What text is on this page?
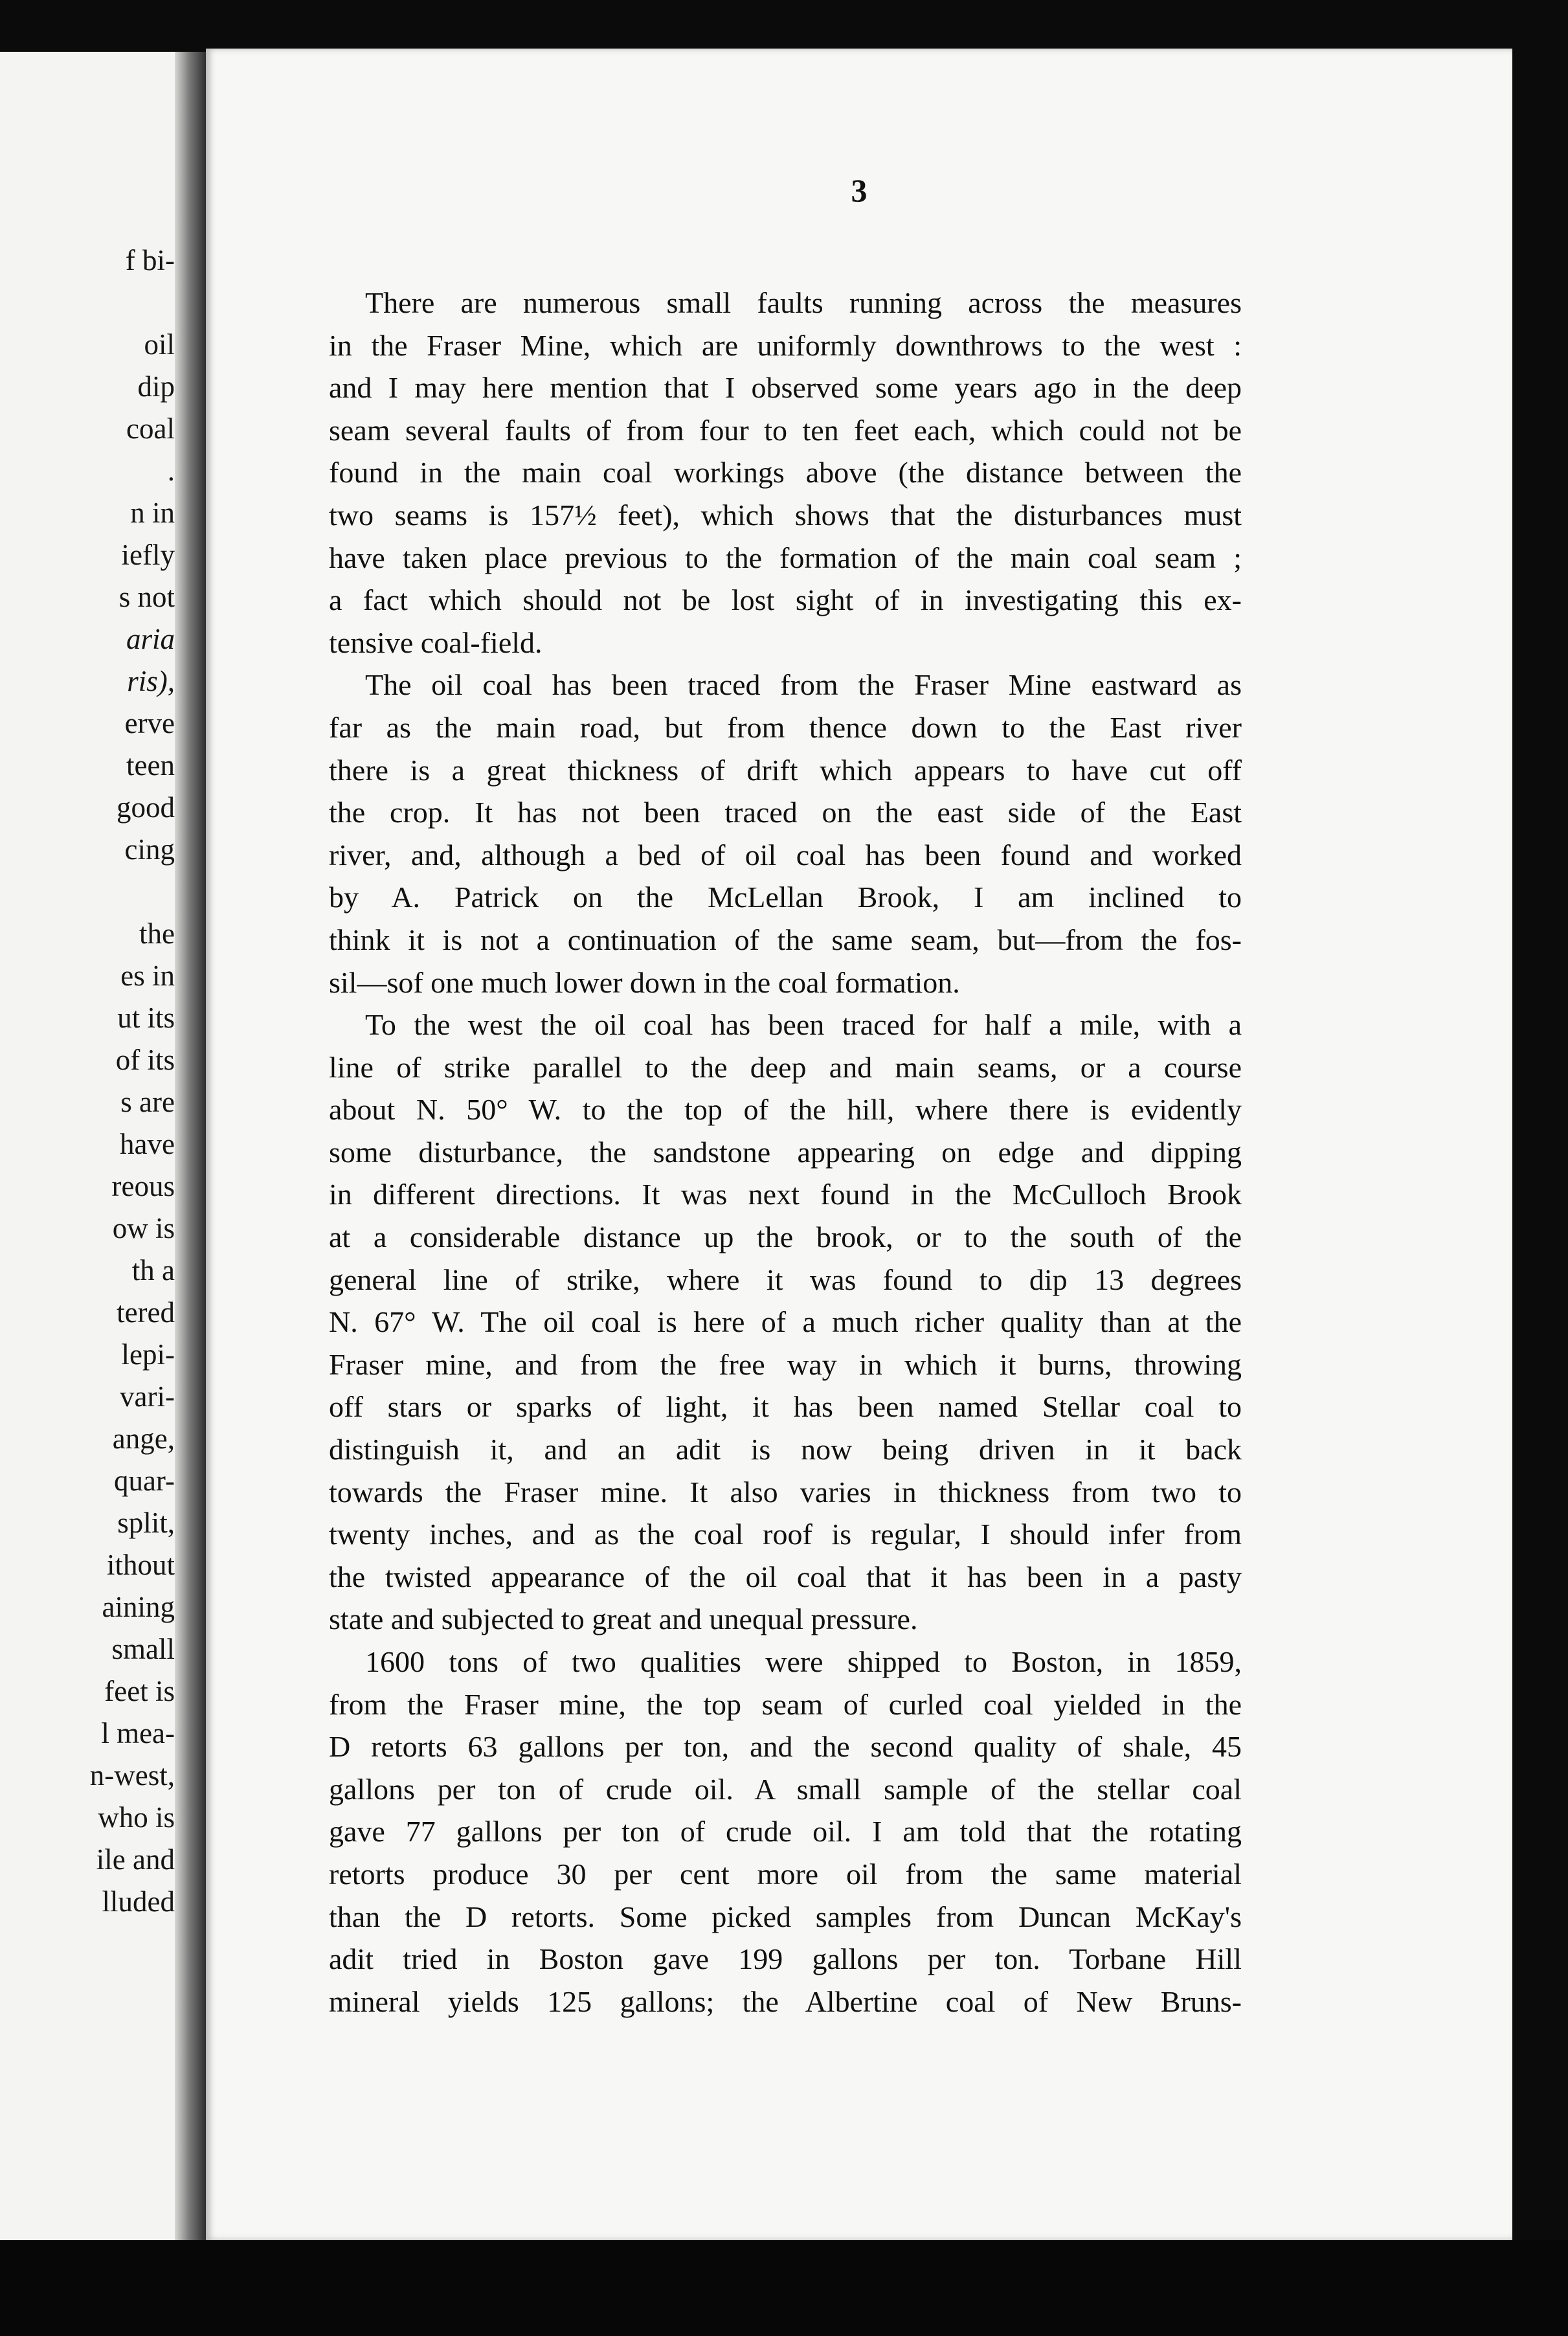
f bi-
oil
dip
coal
.
n in
iefly
s not
aria
ris),
erve
teen
good
cing
the
es in
ut its
of its
s are
have
reous
ow is
th a
tered
lepi-
vari-
ange,
quar-
split,
ithout
aining
small
feet is
l mea-
n-west,
who is
ile and
lluded
3
There are numerous small faults running across the measures
in the Fraser Mine, which are uniformly downthrows to the west :
and I may here mention that I observed some years ago in the deep
seam several faults of from four to ten feet each, which could not be
found in the main coal workings above (the distance between the
two seams is 157½ feet), which shows that the disturbances must
have taken place previous to the formation of the main coal seam ;
a fact which should not be lost sight of in investigating this ex-
tensive coal-field.
The oil coal has been traced from the Fraser Mine eastward as
far as the main road, but from thence down to the East river
there is a great thickness of drift which appears to have cut off
the crop. It has not been traced on the east side of the East
river, and, although a bed of oil coal has been found and worked
by A. Patrick on the McLellan Brook, I am inclined to
think it is not a continuation of the same seam, but—from the fos-
sil—sof one much lower down in the coal formation.
To the west the oil coal has been traced for half a mile, with a
line of strike parallel to the deep and main seams, or a course
about N. 50° W. to the top of the hill, where there is evidently
some disturbance, the sandstone appearing on edge and dipping
in different directions. It was next found in the McCulloch Brook
at a considerable distance up the brook, or to the south of the
general line of strike, where it was found to dip 13 degrees
N. 67° W. The oil coal is here of a much richer quality than at the
Fraser mine, and from the free way in which it burns, throwing
off stars or sparks of light, it has been named Stellar coal to
distinguish it, and an adit is now being driven in it back
towards the Fraser mine. It also varies in thickness from two to
twenty inches, and as the coal roof is regular, I should infer from
the twisted appearance of the oil coal that it has been in a pasty
state and subjected to great and unequal pressure.
1600 tons of two qualities were shipped to Boston, in 1859,
from the Fraser mine, the top seam of curled coal yielded in the
D retorts 63 gallons per ton, and the second quality of shale, 45
gallons per ton of crude oil. A small sample of the stellar coal
gave 77 gallons per ton of crude oil. I am told that the rotating
retorts produce 30 per cent more oil from the same material
than the D retorts. Some picked samples from Duncan McKay's
adit tried in Boston gave 199 gallons per ton. Torbane Hill
mineral yields 125 gallons; the Albertine coal of New Bruns-
